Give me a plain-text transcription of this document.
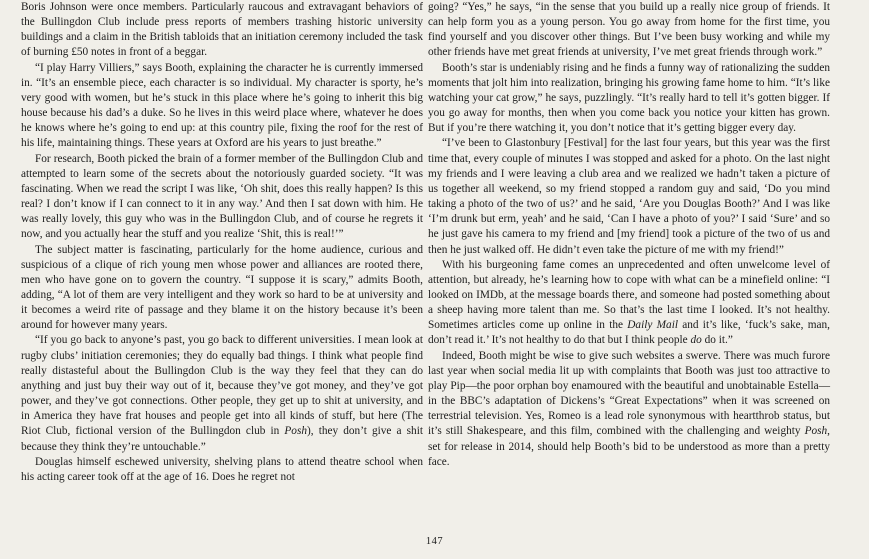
Boris Johnson were once members. Particularly raucous and extravagant behaviors of the Bullingdon Club include press reports of members trashing historic university buildings and a claim in the British tabloids that an initiation ceremony included the task of burning £50 notes in front of a beggar.

“I play Harry Villiers,” says Booth, explaining the character he is currently immersed in. “It’s an ensemble piece, each character is so individual. My character is sporty, he’s very good with women, but he’s stuck in this place where he’s going to inherit this big house because his dad’s a duke. So he lives in this weird place where, whatever he does he knows where he’s going to end up: at this country pile, fixing the roof for the rest of his life, maintaining things. These years at Oxford are his years to just breathe.”

For research, Booth picked the brain of a former member of the Bullingdon Club and attempted to learn some of the secrets about the notoriously guarded society. “It was fascinating. When we read the script I was like, ‘Oh shit, does this really happen? Is this real? I don’t know if I can connect to it in any way.’ And then I sat down with him. He was really lovely, this guy who was in the Bullingdon Club, and of course he regrets it now, and you actually hear the stuff and you realize ‘Shit, this is real!’”

The subject matter is fascinating, particularly for the home audience, curious and suspicious of a clique of rich young men whose power and alliances are rooted there, men who have gone on to govern the country. “I suppose it is scary,” admits Booth, adding, “A lot of them are very intelligent and they work so hard to be at university and it becomes a weird rite of passage and they blame it on the history because it’s been around for however many years.

“If you go back to anyone’s past, you go back to different universities. I mean look at rugby clubs’ initiation ceremonies; they do equally bad things. I think what people find really distasteful about the Bullingdon Club is the way they feel that they can do anything and just buy their way out of it, because they’ve got money, and they’ve got power, and they’ve got connections. Other people, they get up to shit at university, and in America they have frat houses and people get into all kinds of stuff, but here (The Riot Club, fictional version of the Bullingdon club in Posh), they don’t give a shit because they think they’re untouchable.”

Douglas himself eschewed university, shelving plans to attend theatre school when his acting career took off at the age of 16. Does he regret not

going? “Yes,” he says, “in the sense that you build up a really nice group of friends. It can help form you as a young person. You go away from home for the first time, you find yourself and you discover other things. But I’ve been busy working and while my other friends have met great friends at university, I’ve met great friends through work.”

Booth’s star is undeniably rising and he finds a funny way of rationalizing the sudden moments that jolt him into realization, bringing his growing fame home to him. “It’s like watching your cat grow,” he says, puzzlingly. “It’s really hard to tell it’s gotten bigger. If you go away for months, then when you come back you notice your kitten has grown. But if you’re there watching it, you don’t notice that it’s getting bigger every day.

“I’ve been to Glastonbury [Festival] for the last four years, but this year was the first time that, every couple of minutes I was stopped and asked for a photo. On the last night my friends and I were leaving a club area and we realized we hadn’t taken a picture of us together all weekend, so my friend stopped a random guy and said, ‘Do you mind taking a photo of the two of us?’ and he said, ‘Are you Douglas Booth?’ And I was like ‘I’m drunk but erm, yeah’ and he said, ‘Can I have a photo of you?’ I said ‘Sure’ and so he just gave his camera to my friend and [my friend] took a picture of the two of us and then he just walked off. He didn’t even take the picture of me with my friend!”

With his burgeoning fame comes an unprecedented and often unwelcome level of attention, but already, he’s learning how to cope with what can be a minefield online: “I looked on IMDb, at the message boards there, and someone had posted something about a sheep having more talent than me. So that’s the last time I looked. It’s not healthy. Sometimes articles come up online in the Daily Mail and it’s like, ‘fuck’s sake, man, don’t read it.’ It’s not healthy to do that but I think people do do it.”

Indeed, Booth might be wise to give such websites a swerve. There was much furore last year when social media lit up with complaints that Booth was just too attractive to play Pip—the poor orphan boy enamoured with the beautiful and unobtainable Estella—in the BBC’s adaptation of Dickens’s “Great Expectations” when it was screened on terrestrial television. Yes, Romeo is a lead role synonymous with heartthrob status, but it’s still Shakespeare, and this film, combined with the challenging and weighty Posh, set for release in 2014, should help Booth’s bid to be understood as more than a pretty face.

147
